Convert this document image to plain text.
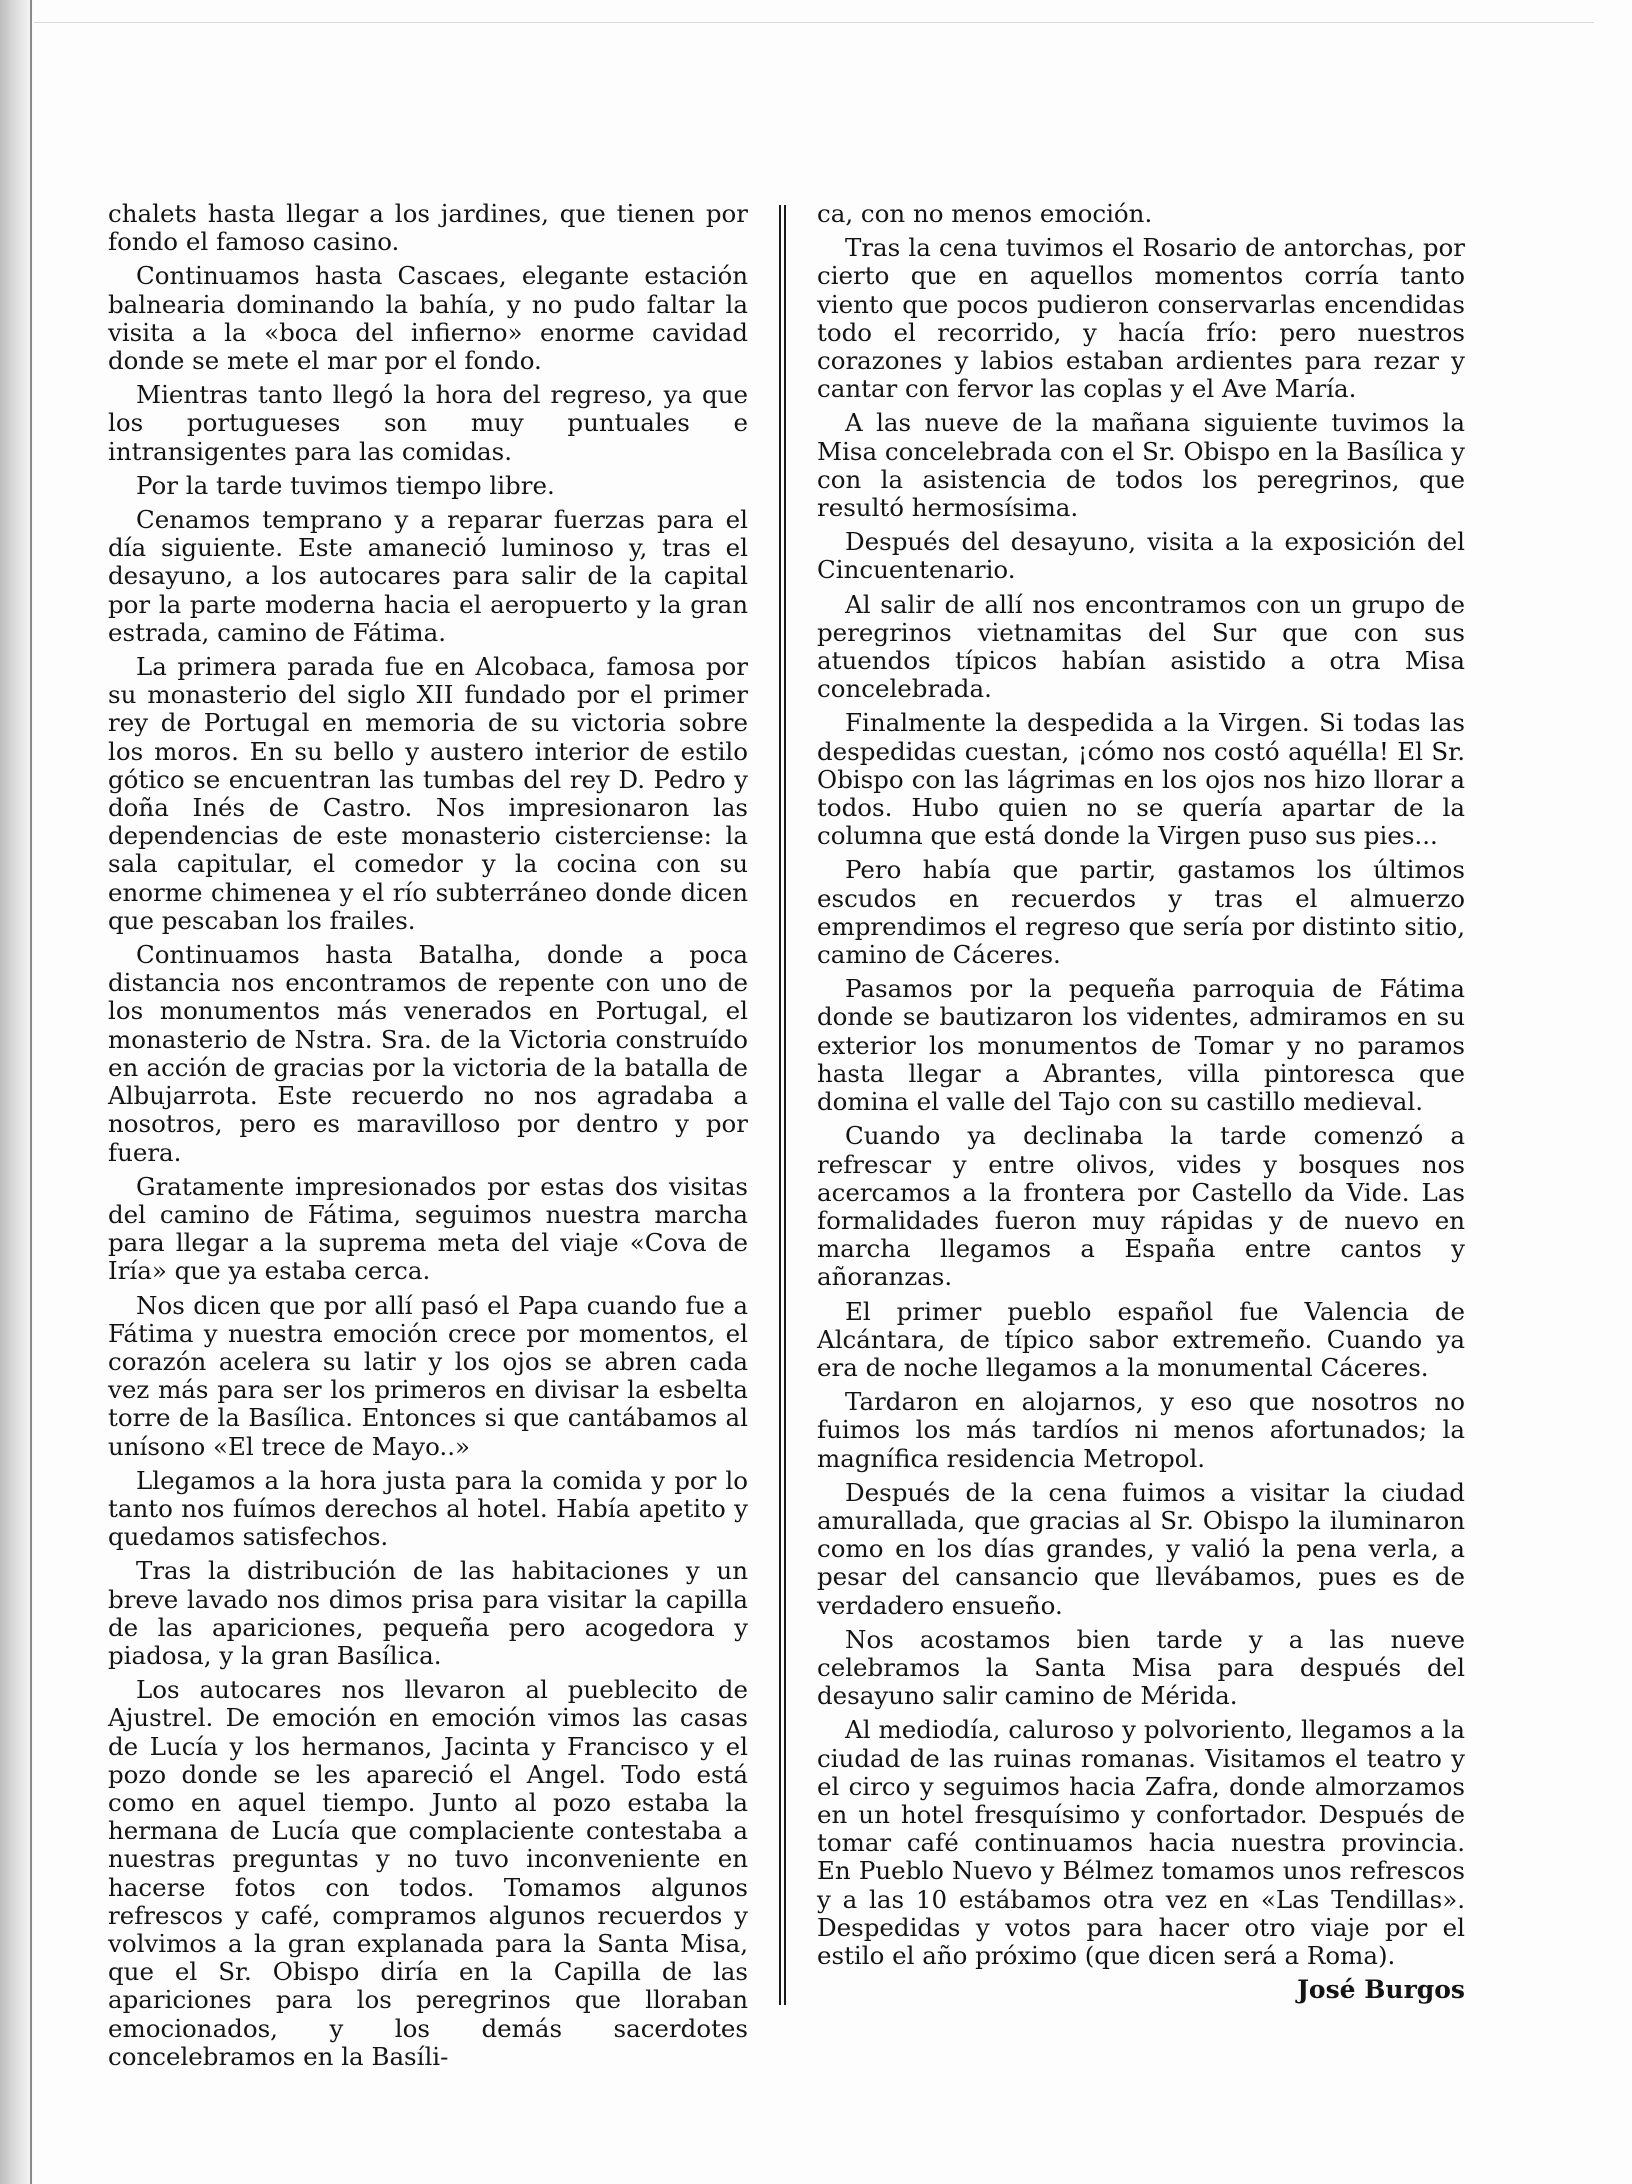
chalets hasta llegar a los jardines, que tienen por fondo el famoso casino.

Continuamos hasta Cascaes, elegante estación balnearia dominando la bahía, y no pudo faltar la visita a la «boca del infierno» enorme cavidad donde se mete el mar por el fondo.

Mientras tanto llegó la hora del regreso, ya que los portugueses son muy puntuales e intransigentes para las comidas.

Por la tarde tuvimos tiempo libre.

Cenamos temprano y a reparar fuerzas para el día siguiente. Este amaneció luminoso y, tras el desayuno, a los autocares para salir de la capital por la parte moderna hacia el aeropuerto y la gran estrada, camino de Fátima.

La primera parada fue en Alcobaca, famosa por su monasterio del siglo XII fundado por el primer rey de Portugal en memoria de su victoria sobre los moros. En su bello y austero interior de estilo gótico se encuentran las tumbas del rey D. Pedro y doña Inés de Castro. Nos impresionaron las dependencias de este monasterio cisterciense: la sala capitular, el comedor y la cocina con su enorme chimenea y el río subterráneo donde dicen que pescaban los frailes.

Continuamos hasta Batalha, donde a poca distancia nos encontramos de repente con uno de los monumentos más venerados en Portugal, el monasterio de Nstra. Sra. de la Victoria construído en acción de gracias por la victoria de la batalla de Albujarrota. Este recuerdo no nos agradaba a nosotros, pero es maravilloso por dentro y por fuera.

Gratamente impresionados por estas dos visitas del camino de Fátima, seguimos nuestra marcha para llegar a la suprema meta del viaje «Cova de Iría» que ya estaba cerca.

Nos dicen que por allí pasó el Papa cuando fue a Fátima y nuestra emoción crece por momentos, el corazón acelera su latir y los ojos se abren cada vez más para ser los primeros en divisar la esbelta torre de la Basílica. Entonces si que cantábamos al unísono «El trece de Mayo..»

Llegamos a la hora justa para la comida y por lo tanto nos fuímos derechos al hotel. Había apetito y quedamos satisfechos.

Tras la distribución de las habitaciones y un breve lavado nos dimos prisa para visitar la capilla de las apariciones, pequeña pero acogedora y piadosa, y la gran Basílica.

Los autocares nos llevaron al pueblecito de Ajustrel. De emoción en emoción vimos las casas de Lucía y los hermanos, Jacinta y Francisco y el pozo donde se les apareció el Angel. Todo está como en aquel tiempo. Junto al pozo estaba la hermana de Lucía que complaciente contestaba a nuestras preguntas y no tuvo inconveniente en hacerse fotos con todos. Tomamos algunos refrescos y café, compramos algunos recuerdos y volvimos a la gran explanada para la Santa Misa, que el Sr. Obispo diría en la Capilla de las apariciones para los peregrinos que lloraban emocionados, y los demás sacerdotes concelebramos en la Basíli-

ca, con no menos emoción.

Tras la cena tuvimos el Rosario de antorchas, por cierto que en aquellos momentos corría tanto viento que pocos pudieron conservarlas encendidas todo el recorrido, y hacía frío: pero nuestros corazones y labios estaban ardientes para rezar y cantar con fervor las coplas y el Ave María.

A las nueve de la mañana siguiente tuvimos la Misa concelebrada con el Sr. Obispo en la Basílica y con la asistencia de todos los peregrinos, que resultó hermosísima.

Después del desayuno, visita a la exposición del Cincuentenario.

Al salir de allí nos encontramos con un grupo de peregrinos vietnamitas del Sur que con sus atuendos típicos habían asistido a otra Misa concelebrada.

Finalmente la despedida a la Virgen. Si todas las despedidas cuestan, ¡cómo nos costó aquélla! El Sr. Obispo con las lágrimas en los ojos nos hizo llorar a todos. Hubo quien no se quería apartar de la columna que está donde la Virgen puso sus pies...

Pero había que partir, gastamos los últimos escudos en recuerdos y tras el almuerzo emprendimos el regreso que sería por distinto sitio, camino de Cáceres.

Pasamos por la pequeña parroquia de Fátima donde se bautizaron los videntes, admiramos en su exterior los monumentos de Tomar y no paramos hasta llegar a Abrantes, villa pintoresca que domina el valle del Tajo con su castillo medieval.

Cuando ya declinaba la tarde comenzó a refrescar y entre olivos, vides y bosques nos acercamos a la frontera por Castello da Vide. Las formalidades fueron muy rápidas y de nuevo en marcha llegamos a España entre cantos y añoranzas.

El primer pueblo español fue Valencia de Alcántara, de típico sabor extremeño. Cuando ya era de noche llegamos a la monumental Cáceres.

Tardaron en alojarnos, y eso que nosotros no fuimos los más tardíos ni menos afortunados; la magnífica residencia Metropol.

Después de la cena fuimos a visitar la ciudad amurallada, que gracias al Sr. Obispo la iluminaron como en los días grandes, y valió la pena verla, a pesar del cansancio que llevábamos, pues es de verdadero ensueño.

Nos acostamos bien tarde y a las nueve celebramos la Santa Misa para después del desayuno salir camino de Mérida.

Al mediodía, caluroso y polvoriento, llegamos a la ciudad de las ruinas romanas. Visitamos el teatro y el circo y seguimos hacia Zafra, donde almorzamos en un hotel fresquísimo y confortador. Después de tomar café continuamos hacia nuestra provincia. En Pueblo Nuevo y Bélmez tomamos unos refrescos y a las 10 estábamos otra vez en «Las Tendillas». Despedidas y votos para hacer otro viaje por el estilo el año próximo (que dicen será a Roma).

José Burgos
